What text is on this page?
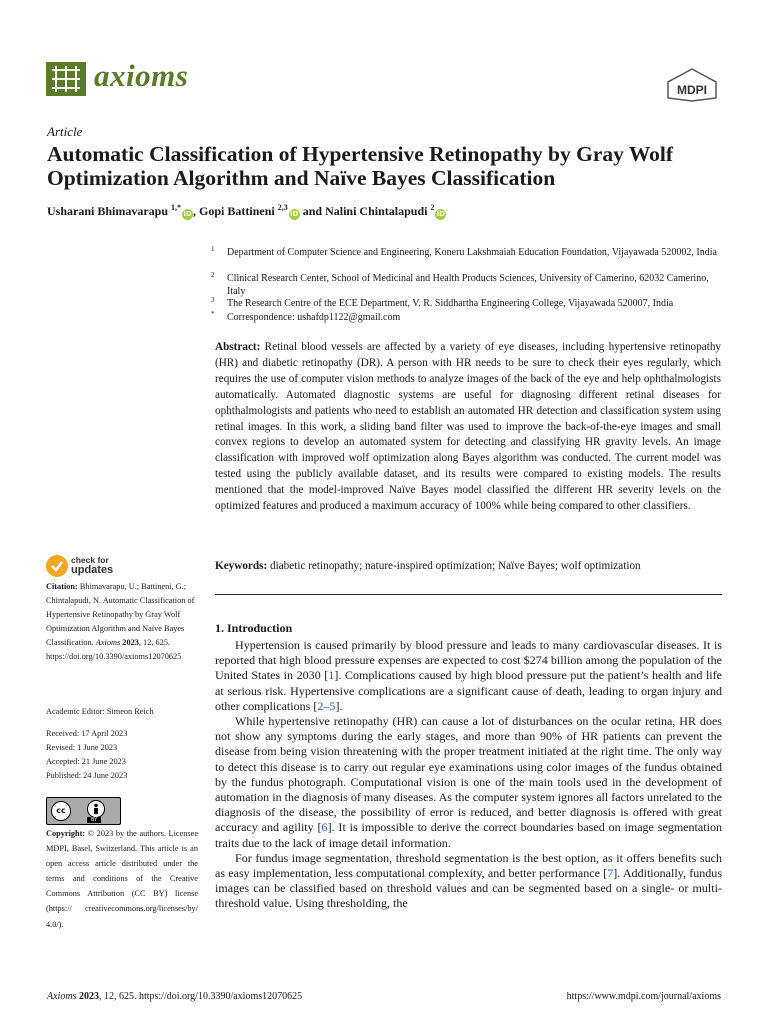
axioms	MDPI
Article
Automatic Classification of Hypertensive Retinopathy by Gray Wolf Optimization Algorithm and Naïve Bayes Classification
Usharani Bhimavarapu $^{1,*}$iD, Gopi Battineni $^{2,3}$iD and Nalini Chintalapudi $^2$iD
1	Department of Computer Science and Engineering, Koneru Lakshmaiah Education Foundation, Vijayawada 520002, India
2	Clinical Research Center, School of Medicinal and Health Products Sciences, University of Camerino, 62032 Camerino, Italy
3	The Research Centre of the ECE Department, V. R. Siddhartha Engineering College, Vijayawada 520007, India
*	Correspondence: ushafdp1122@gmail.com
Abstract: Retinal blood vessels are affected by a variety of eye diseases, including hypertensive retinopathy (HR) and diabetic retinopathy (DR). A person with HR needs to be sure to check their eyes regularly, which requires the use of computer vision methods to analyze images of the back of the eye and help ophthalmologists automatically. Automated diagnostic systems are useful for diagnosing different retinal diseases for ophthalmologists and patients who need to establish an automated HR detection and classification system using retinal images. In this work, a sliding band filter was used to improve the back-of-the-eye images and small convex regions to develop an automated system for detecting and classifying HR gravity levels. An image classification with improved wolf optimization along Bayes algorithm was conducted. The current model was tested using the publicly available dataset, and its results were compared to existing models. The results mentioned that the model-improved Naïve Bayes model classified the different HR severity levels on the optimized features and produced a maximum accuracy of 100% while being compared to other classifiers.
Keywords: diabetic retinopathy; nature-inspired optimization; Naïve Bayes; wolf optimization
check for
updates
Citation: Bhimavarapu, U.; Battineni, G.; Chintalapudi, N. Automatic Classification of Hypertensive Retinopathy by Gray Wolf Optimization Algorithm and Naïve Bayes Classification. Axioms 2023, 12, 625. https://doi.org/10.3390/axioms12070625
Academic Editor: Simeon Reich
Received: 17 April 2023
Revised: 1 June 2023
Accepted: 21 June 2023
Published: 24 June 2023
cc
BY
Copyright: © 2023 by the authors. Licensee MDPI, Basel, Switzerland. This article is an open access article distributed under the terms and conditions of the Creative Commons Attribution (CC BY) license (https:// creativecommons.org/licenses/by/ 4.0/).
1. Introduction

Hypertension is caused primarily by blood pressure and leads to many cardiovascular diseases. It is reported that high blood pressure expenses are expected to cost $274 billion among the population of the United States in 2030 [1]. Complications caused by high blood pressure put the patient’s health and life at serious risk. Hypertensive complications are a significant cause of death, leading to organ injury and other complications [2–5].

While hypertensive retinopathy (HR) can cause a lot of disturbances on the ocular retina, HR does not show any symptoms during the early stages, and more than 90% of HR patients can prevent the disease from being vision threatening with the proper treatment initiated at the right time. The only way to detect this disease is to carry out regular eye examinations using color images of the fundus obtained by the fundus photograph. Computational vision is one of the main tools used in the development of automation in the diagnosis of many diseases. As the computer system ignores all factors unrelated to the diagnosis of the disease, the possibility of error is reduced, and better diagnosis is offered with great accuracy and agility [6]. It is impossible to derive the correct boundaries based on image segmentation traits due to the lack of image detail information.

For fundus image segmentation, threshold segmentation is the best option, as it offers benefits such as easy implementation, less computational complexity, and better performance [7]. Additionally, fundus images can be classified based on threshold values and can be segmented based on a single- or multi-threshold value. Using thresholding, the

Axioms 2023, 12, 625. https://doi.org/10.3390/axioms12070625	https://www.mdpi.com/journal/axioms
